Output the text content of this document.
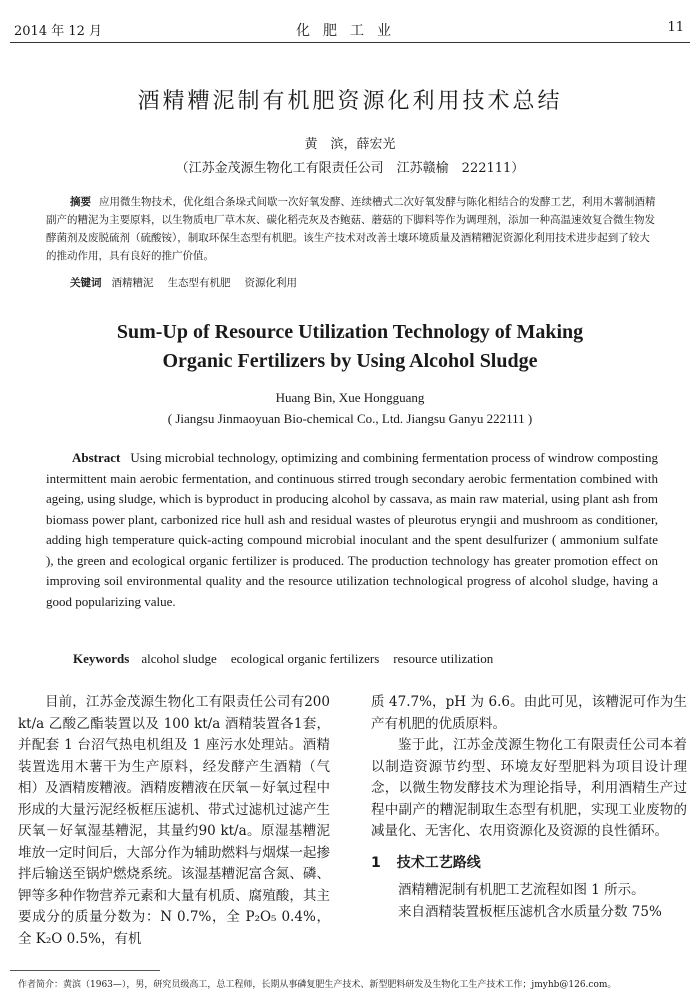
2014 年 12 月	化肥工业	11
酒精糟泥制有机肥资源化利用技术总结
黄　滨，薛宏光
（江苏金茂源生物化工有限责任公司　江苏赣榆　222111）
摘要 应用微生物技术，优化组合条垛式间歇一次好氧发酵、连续槽式二次好氧发酵与陈化相结合的发酵工艺，利用木薯制酒精副产的糟泥为主要原料，以生物质电厂草木灰、碳化稻壳灰及杏鲍菇、蘑菇的下脚料等作为调理剂，添加一种高温速效复合微生物发酵菌剂及废脱硫剂（硫酸铵），制取环保生态型有机肥。该生产技术对改善土壤环境质量及酒精糟泥资源化利用技术进步起到了较大的推动作用，具有良好的推广价值。
关键词 酒精糟泥 生态型有机肥 资源化利用
Sum-Up of Resource Utilization Technology of Making
Organic Fertilizers by Using Alcohol Sludge
Huang Bin, Xue Hongguang
( Jiangsu Jinmaoyuan Bio-chemical Co., Ltd. Jiangsu Ganyu 222111 )
Abstract Using microbial technology, optimizing and combining fermentation process of windrow composting intermittent main aerobic fermentation, and continuous stirred trough secondary aerobic fermentation combined with ageing, using sludge, which is byproduct in producing alcohol by cassava, as main raw material, using plant ash from biomass power plant, carbonized rice hull ash and residual wastes of pleurotus eryngii and mushroom as conditioner, adding high temperature quick-acting compound microbial inoculant and the spent desulfurizer ( ammonium sulfate ), the green and ecological organic fertilizer is produced. The production technology has greater promotion effect on improving soil environmental quality and the resource utilization technological progress of alcohol sludge, having a good popularizing value.
Keywords alcohol sludge ecological organic fertilizers resource utilization

目前，江苏金茂源生物化工有限责任公司有200 kt/a 乙酸乙酯装置以及 100 kt/a 酒精装置各1套，并配套 1 台沼气热电机组及 1 座污水处理站。酒精装置选用木薯干为生产原料，经发酵产生酒精（气相）及酒精废糟液。酒精废糟液在厌氧－好氧过程中形成的大量污泥经板框压滤机、带式过滤机过滤产生厌氧－好氧湿基糟泥，其量约90 kt/a。原湿基糟泥堆放一定时间后，大部分作为辅助燃料与烟煤一起掺拌后输送至锅炉燃烧系统。该湿基糟泥富含氮、磷、钾等多种作物营养元素和大量有机质、腐殖酸，其主要成分的质量分数为：N 0.7%，全 P₂O₅ 0.4%，全 K₂O 0.5%，有机

质 47.7%，pH 为 6.6。由此可见，该糟泥可作为生产有机肥的优质原料。

鉴于此，江苏金茂源生物化工有限责任公司本着以制造资源节约型、环境友好型肥料为项目设计理念，以微生物发酵技术为理论指导，利用酒精生产过程中副产的糟泥制取生态型有机肥，实现工业废物的减量化、无害化、农用资源化及资源的良性循环。

1 技术工艺路线

酒精糟泥制有机肥工艺流程如图 1 所示。

来自酒精装置板框压滤机含水质量分数 75%

作者简介：黄滨（1963—），男，研究员级高工，总工程师，长期从事磷复肥生产技术、新型肥料研发及生物化工生产技术工作；jmyhb@126.com。
